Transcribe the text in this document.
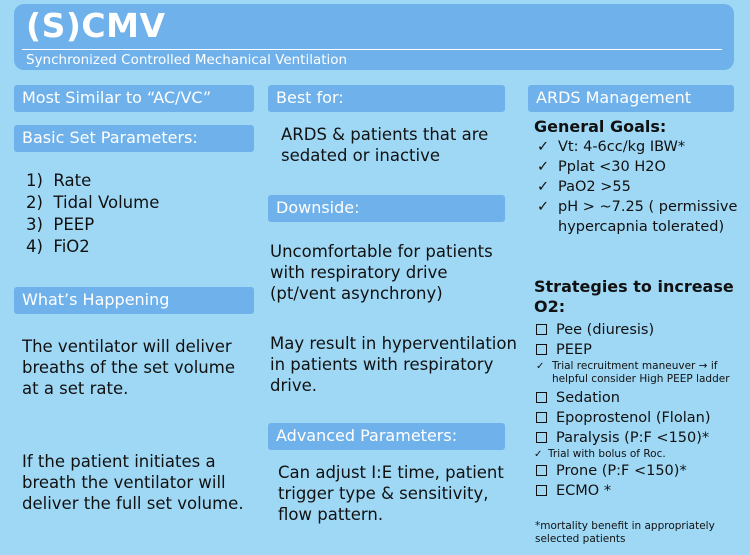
(S)CMV
Synchronized Controlled Mechanical Ventilation
Most Similar to “AC/VC”
Basic Set Parameters:
1)  Rate
2)  Tidal Volume
3)  PEEP
4)  FiO2
What’s Happening
The ventilator will deliver breaths of the set volume at a set rate.
If the patient initiates a breath the ventilator will deliver the full set volume.
Best for:
ARDS & patients that are sedated or inactive
Downside:
Uncomfortable for patients with respiratory drive (pt/vent asynchrony)
May result in hyperventilation in patients with respiratory drive.
Advanced Parameters:
Can adjust I:E time, patient trigger type & sensitivity, flow pattern.
ARDS Management
General Goals:
✓ Vt: 4-6cc/kg IBW*
✓ Pplat <30 H2O
✓ PaO2 >55
✓ pH > ~7.25 ( permissive hypercapnia tolerated)
Strategies to increase O2:
Pee (diuresis)
PEEP
✓ Trial recruitment maneuver → if helpful consider High PEEP ladder
Sedation
Epoprostenol (Flolan)
Paralysis (P:F <150)*
✓ Trial with bolus of Roc.
Prone (P:F <150)*
ECMO *
*mortality benefit in appropriately selected patients
